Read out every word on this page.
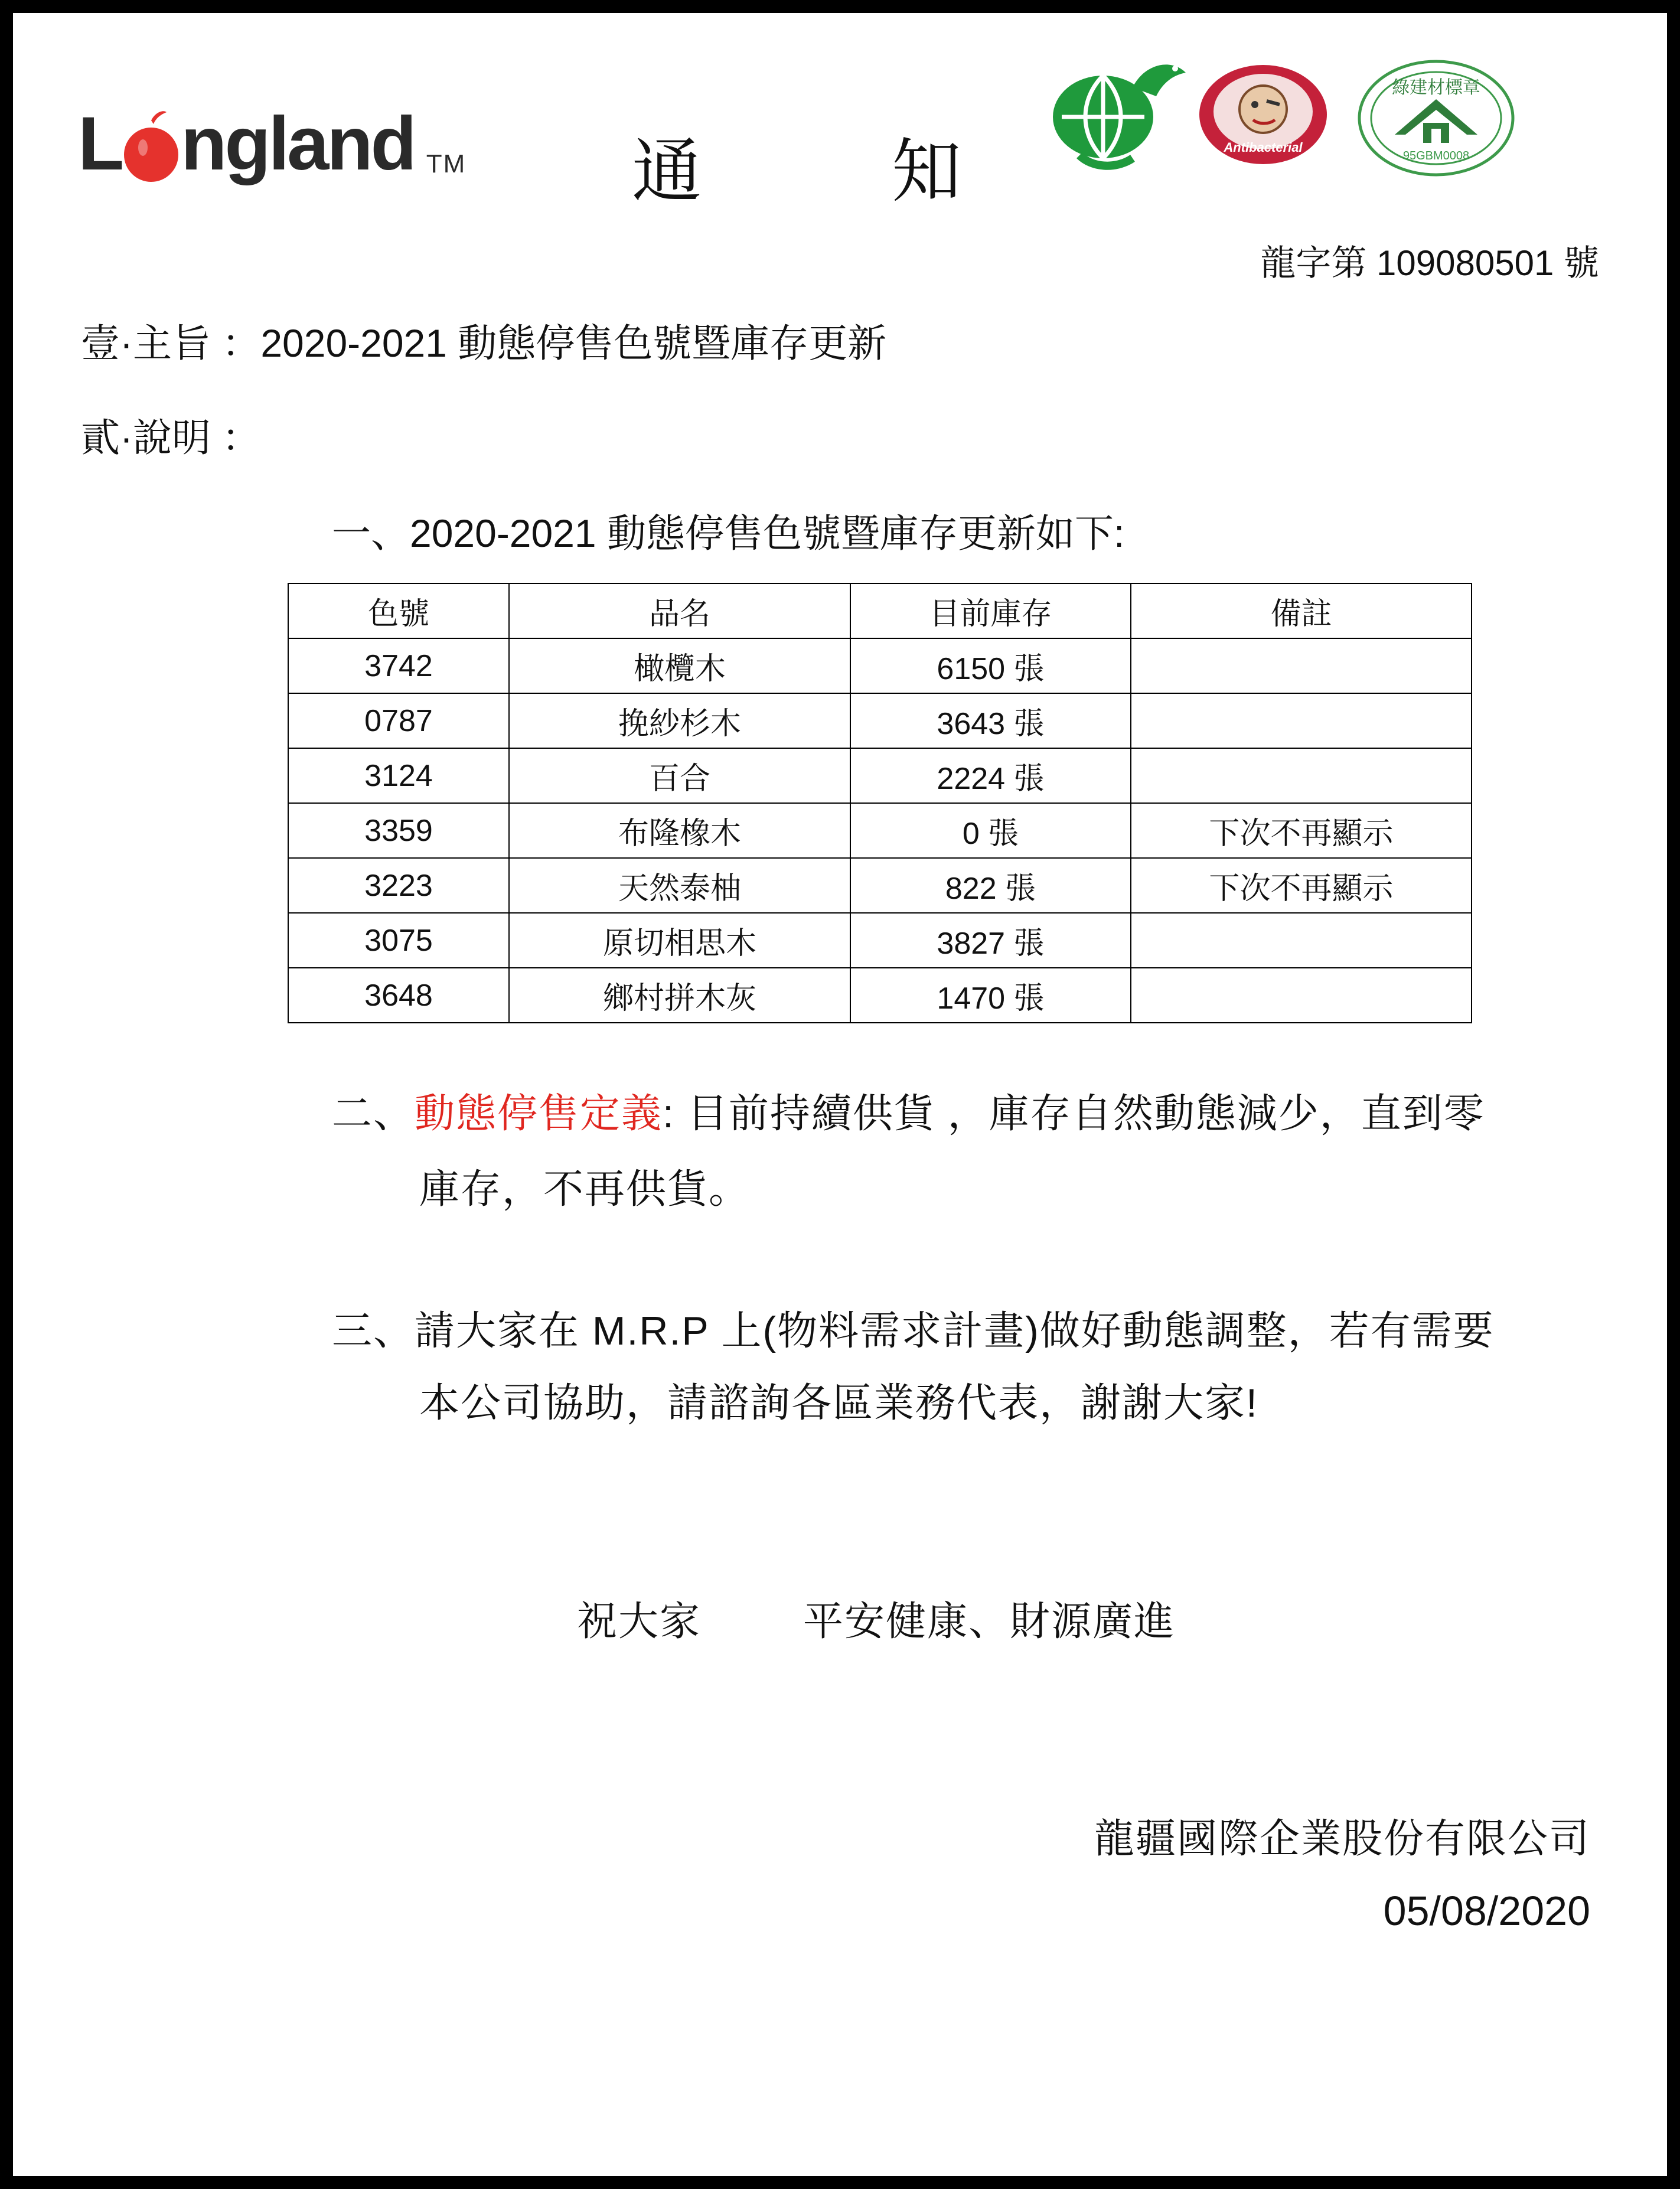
L ngland TM 通	知	Antibacterial
綠建材標章
95GBM0008
龍字第 109080501 號
壹·主旨 ：2020-2021 動態停售色號暨庫存更新
貳·說明 ：
一、2020-2021 動態停售色號暨庫存更新如下:
色號	品名	目前庫存	備註
3742	橄欖木	6150 張	
0787	挽紗杉木	3643 張	
3124	百合	2224 張	
3359	布隆橡木	0 張	下次不再顯示
3223	天然泰柚	822 張	下次不再顯示
3075	原切相思木	3827 張	
3648	鄉村拼木灰	1470 張	
二、動態停售定義: 目前持續供貨 ，庫存自然動態減少，直到零
庫存，不再供貨。
三、請大家在 M.R.P 上(物料需求計畫)做好動態調整，若有需要
本公司協助，請諮詢各區業務代表，謝謝大家!
祝大家	平安健康、財源廣進
龍疆國際企業股份有限公司
05/08/2020
